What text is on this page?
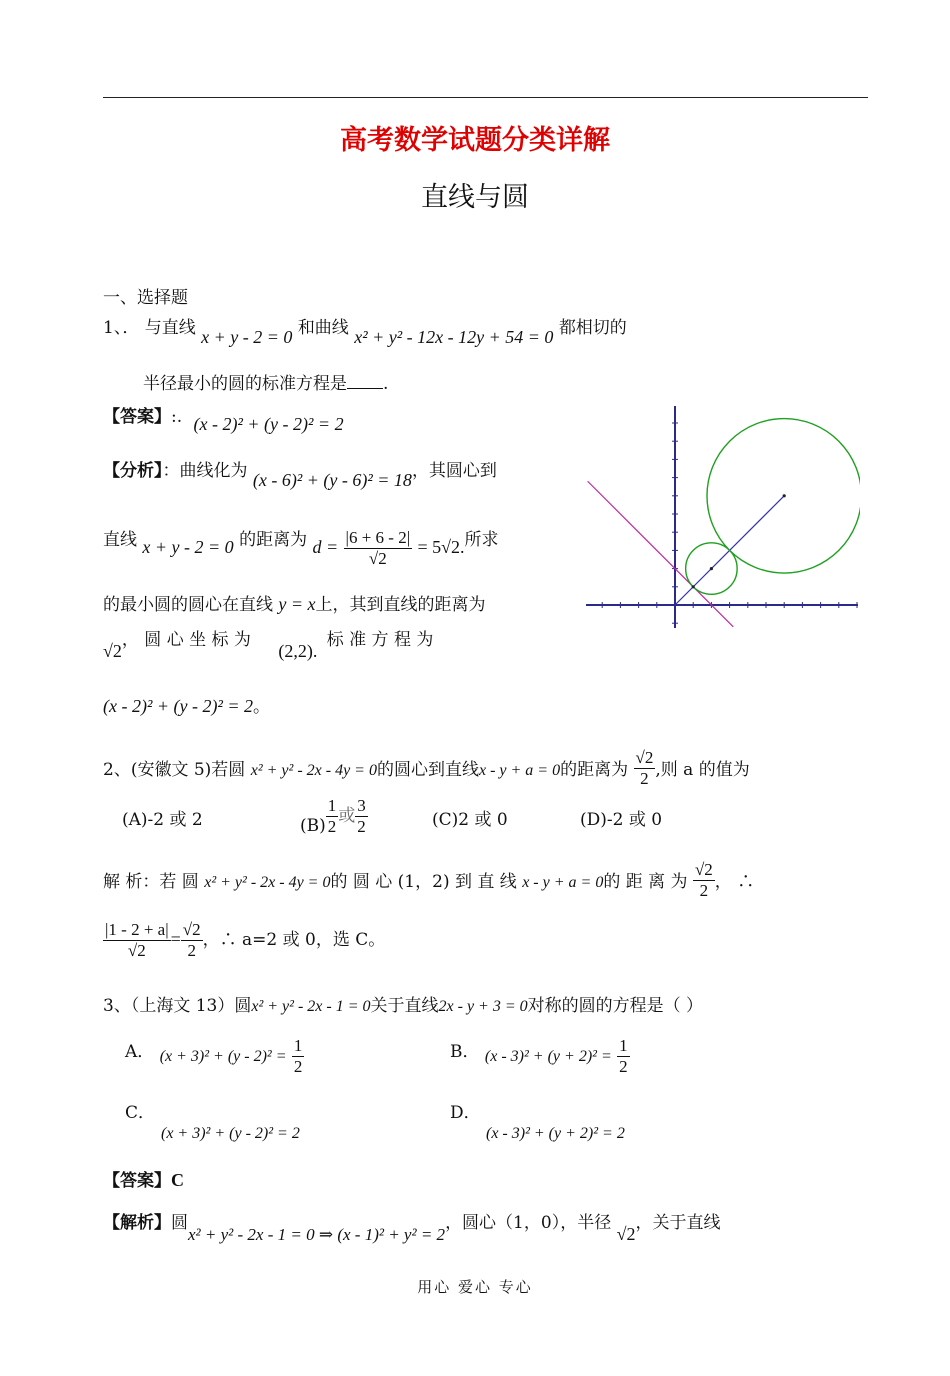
高考数学试题分类详解
直线与圆
一、选择题
1、． 与直线 x + y - 2 = 0 和曲线 x² + y² - 12x - 12y + 54 = 0 都相切的
半径最小的圆的标准方程是 .
【答案】:. (x - 2)² + (y - 2)² = 2
【分析】：曲线化为 (x - 6)² + (y - 6)² = 18，其圆心到
直线 x + y - 2 = 0 的距离为 $d = \frac{|6 + 6 - 2|}{√2} = 5√2$.所求
的最小圆的圆心在直线 y = x上，其到直线的距离为
√2， 圆 心 坐 标 为 (2,2). 标 准 方 程 为
(x - 2)² + (y - 2)² = 2。
2、(安徽文 5)若圆 x² + y² - 2x - 4y = 0的圆心到直线x - y + a = 0的距离为 $\frac{√2}{2}$ ,则 a 的值为
(A)-2 或 2	$(B) \frac{1}{2}$ 或 $\frac{3}{2}$	(C)2 或 0	(D)-2 或 0
解 析：若 圆 x² + y² - 2x - 4y = 0的 圆 心 (1，2) 到 直 线 x - y + a = 0的 距 离 为 $\frac{√2}{2}$ ， ∴
$\frac{|1 - 2 + a|}{√2} = \frac{√2}{2}$ ，∴ a=2 或 0，选 C。
3、（上海文 13）圆x² + y² - 2x - 1 = 0关于直线2x - y + 3 = 0对称的圆的方程是（ ）
A． $(x + 3)^2 + (y - 2)^2 = \frac{1}{2}$	B． $(x - 3)^2 + (y + 2)^2 = \frac{1}{2}$
C．
(x + 3)² + (y - 2)² = 2
D．
(x - 3)² + (y + 2)² = 2
【答案】C
【解析】圆x² + y² - 2x - 1 = 0 ⇒ (x - 1)² + y² = 2，圆心（1，0），半径 √2，关于直线
用心 爱心 专心
